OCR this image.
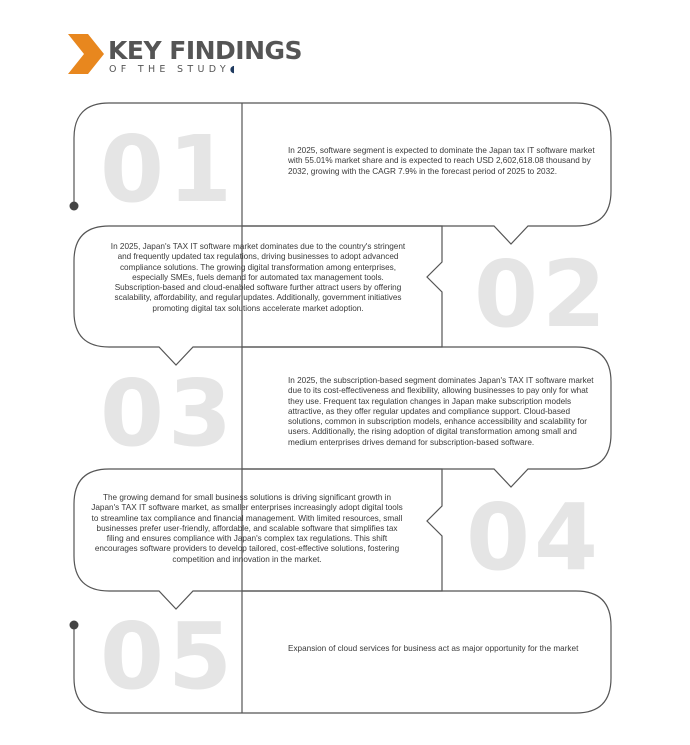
KEY FINDINGS
OF THE STUDY◖
01	In 2025, software segment is expected to dominate the Japan tax IT software market with 55.01% market share and is expected to reach USD 2,602,618.08 thousand by 2032, growing with the CAGR 7.9% in the forecast period of 2025 to 2032.
02
In 2025, Japan's TAX IT software market dominates due to the country's stringent and frequently updated tax regulations, driving businesses to adopt advanced compliance solutions. The growing digital transformation among enterprises, especially SMEs, fuels demand for automated tax management tools. Subscription-based and cloud-enabled software further attract users by offering scalability, affordability, and regular updates. Additionally, government initiatives promoting digital tax solutions accelerate market adoption.
03	In 2025, the subscription-based segment dominates Japan's TAX IT software market due to its cost-effectiveness and flexibility, allowing businesses to pay only for what they use. Frequent tax regulation changes in Japan make subscription models attractive, as they offer regular updates and compliance support. Cloud-based solutions, common in subscription models, enhance accessibility and scalability for users. Additionally, the rising adoption of digital transformation among small and medium enterprises drives demand for subscription-based software.
04
The growing demand for small business solutions is driving significant growth in Japan's TAX IT software market, as smaller enterprises increasingly adopt digital tools to streamline tax compliance and financial management. With limited resources, small businesses prefer user-friendly, affordable, and scalable software that simplifies tax filing and ensures compliance with Japan's complex tax regulations. This shift encourages software providers to develop tailored, cost-effective solutions, fostering competition and innovation in the market.
05	Expansion of cloud services for business act as major opportunity for the market
